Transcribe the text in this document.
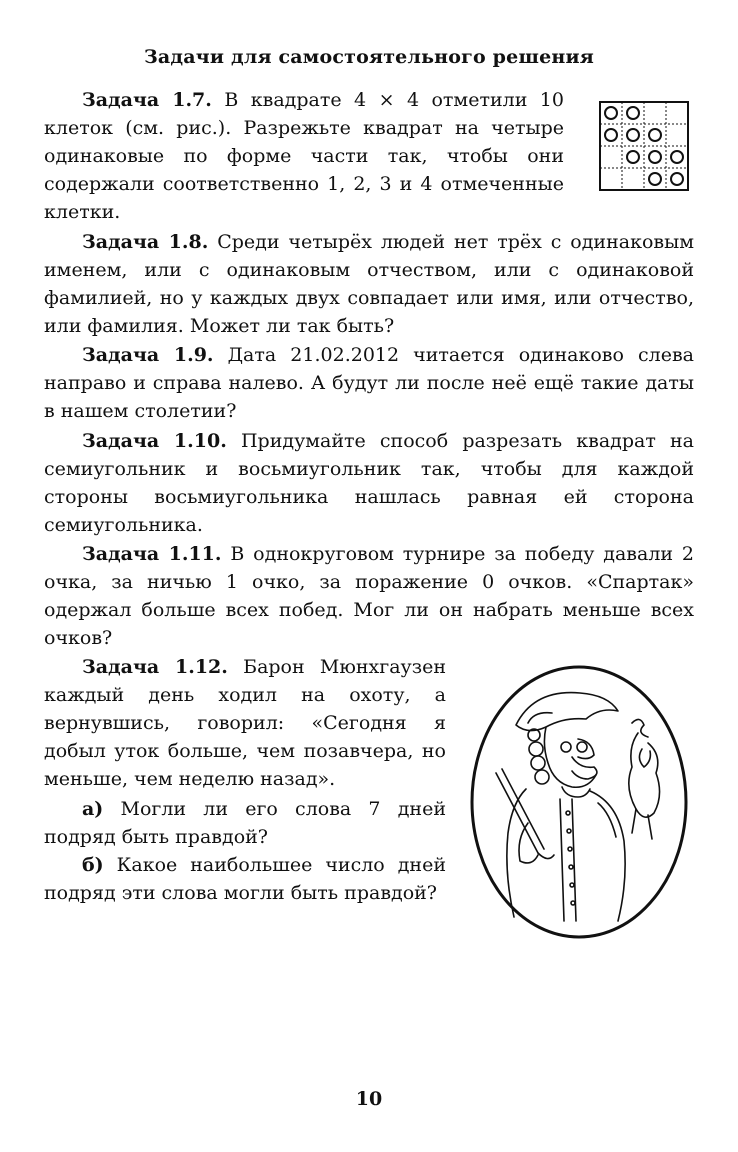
Задачи для самостоятельного решения
Задача 1.7. В квадрате 4 × 4 отметили 10 клеток (см. рис.). Разрежьте квадрат на четыре одинаковые по форме части так, чтобы они содержали соответственно 1, 2, 3 и 4 отмеченные клетки.
Задача 1.8. Среди четырёх людей нет трёх с одинаковым именем, или с одинаковым отчеством, или с одинаковой фамилией, но у каждых двух совпадает или имя, или отчество, или фамилия. Может ли так быть?
Задача 1.9. Дата 21.02.2012 читается одинаково слева направо и справа налево. А будут ли после неё ещё такие даты в нашем столетии?
Задача 1.10. Придумайте способ разрезать квадрат на семиугольник и восьмиугольник так, чтобы для каждой стороны восьмиугольника нашлась равная ей сторона семиугольника.
Задача 1.11. В однокруговом турнире за победу давали 2 очка, за ничью 1 очко, за поражение 0 очков. «Спартак» одержал больше всех побед. Мог ли он набрать меньше всех очков?
Задача 1.12. Барон Мюнхгаузен каждый день ходил на охоту, а вернувшись, говорил: «Сегодня я добыл уток больше, чем позавчера, но меньше, чем неделю назад».
а) Могли ли его слова 7 дней подряд быть правдой?
б) Какое наибольшее число дней подряд эти слова могли быть правдой?
10
